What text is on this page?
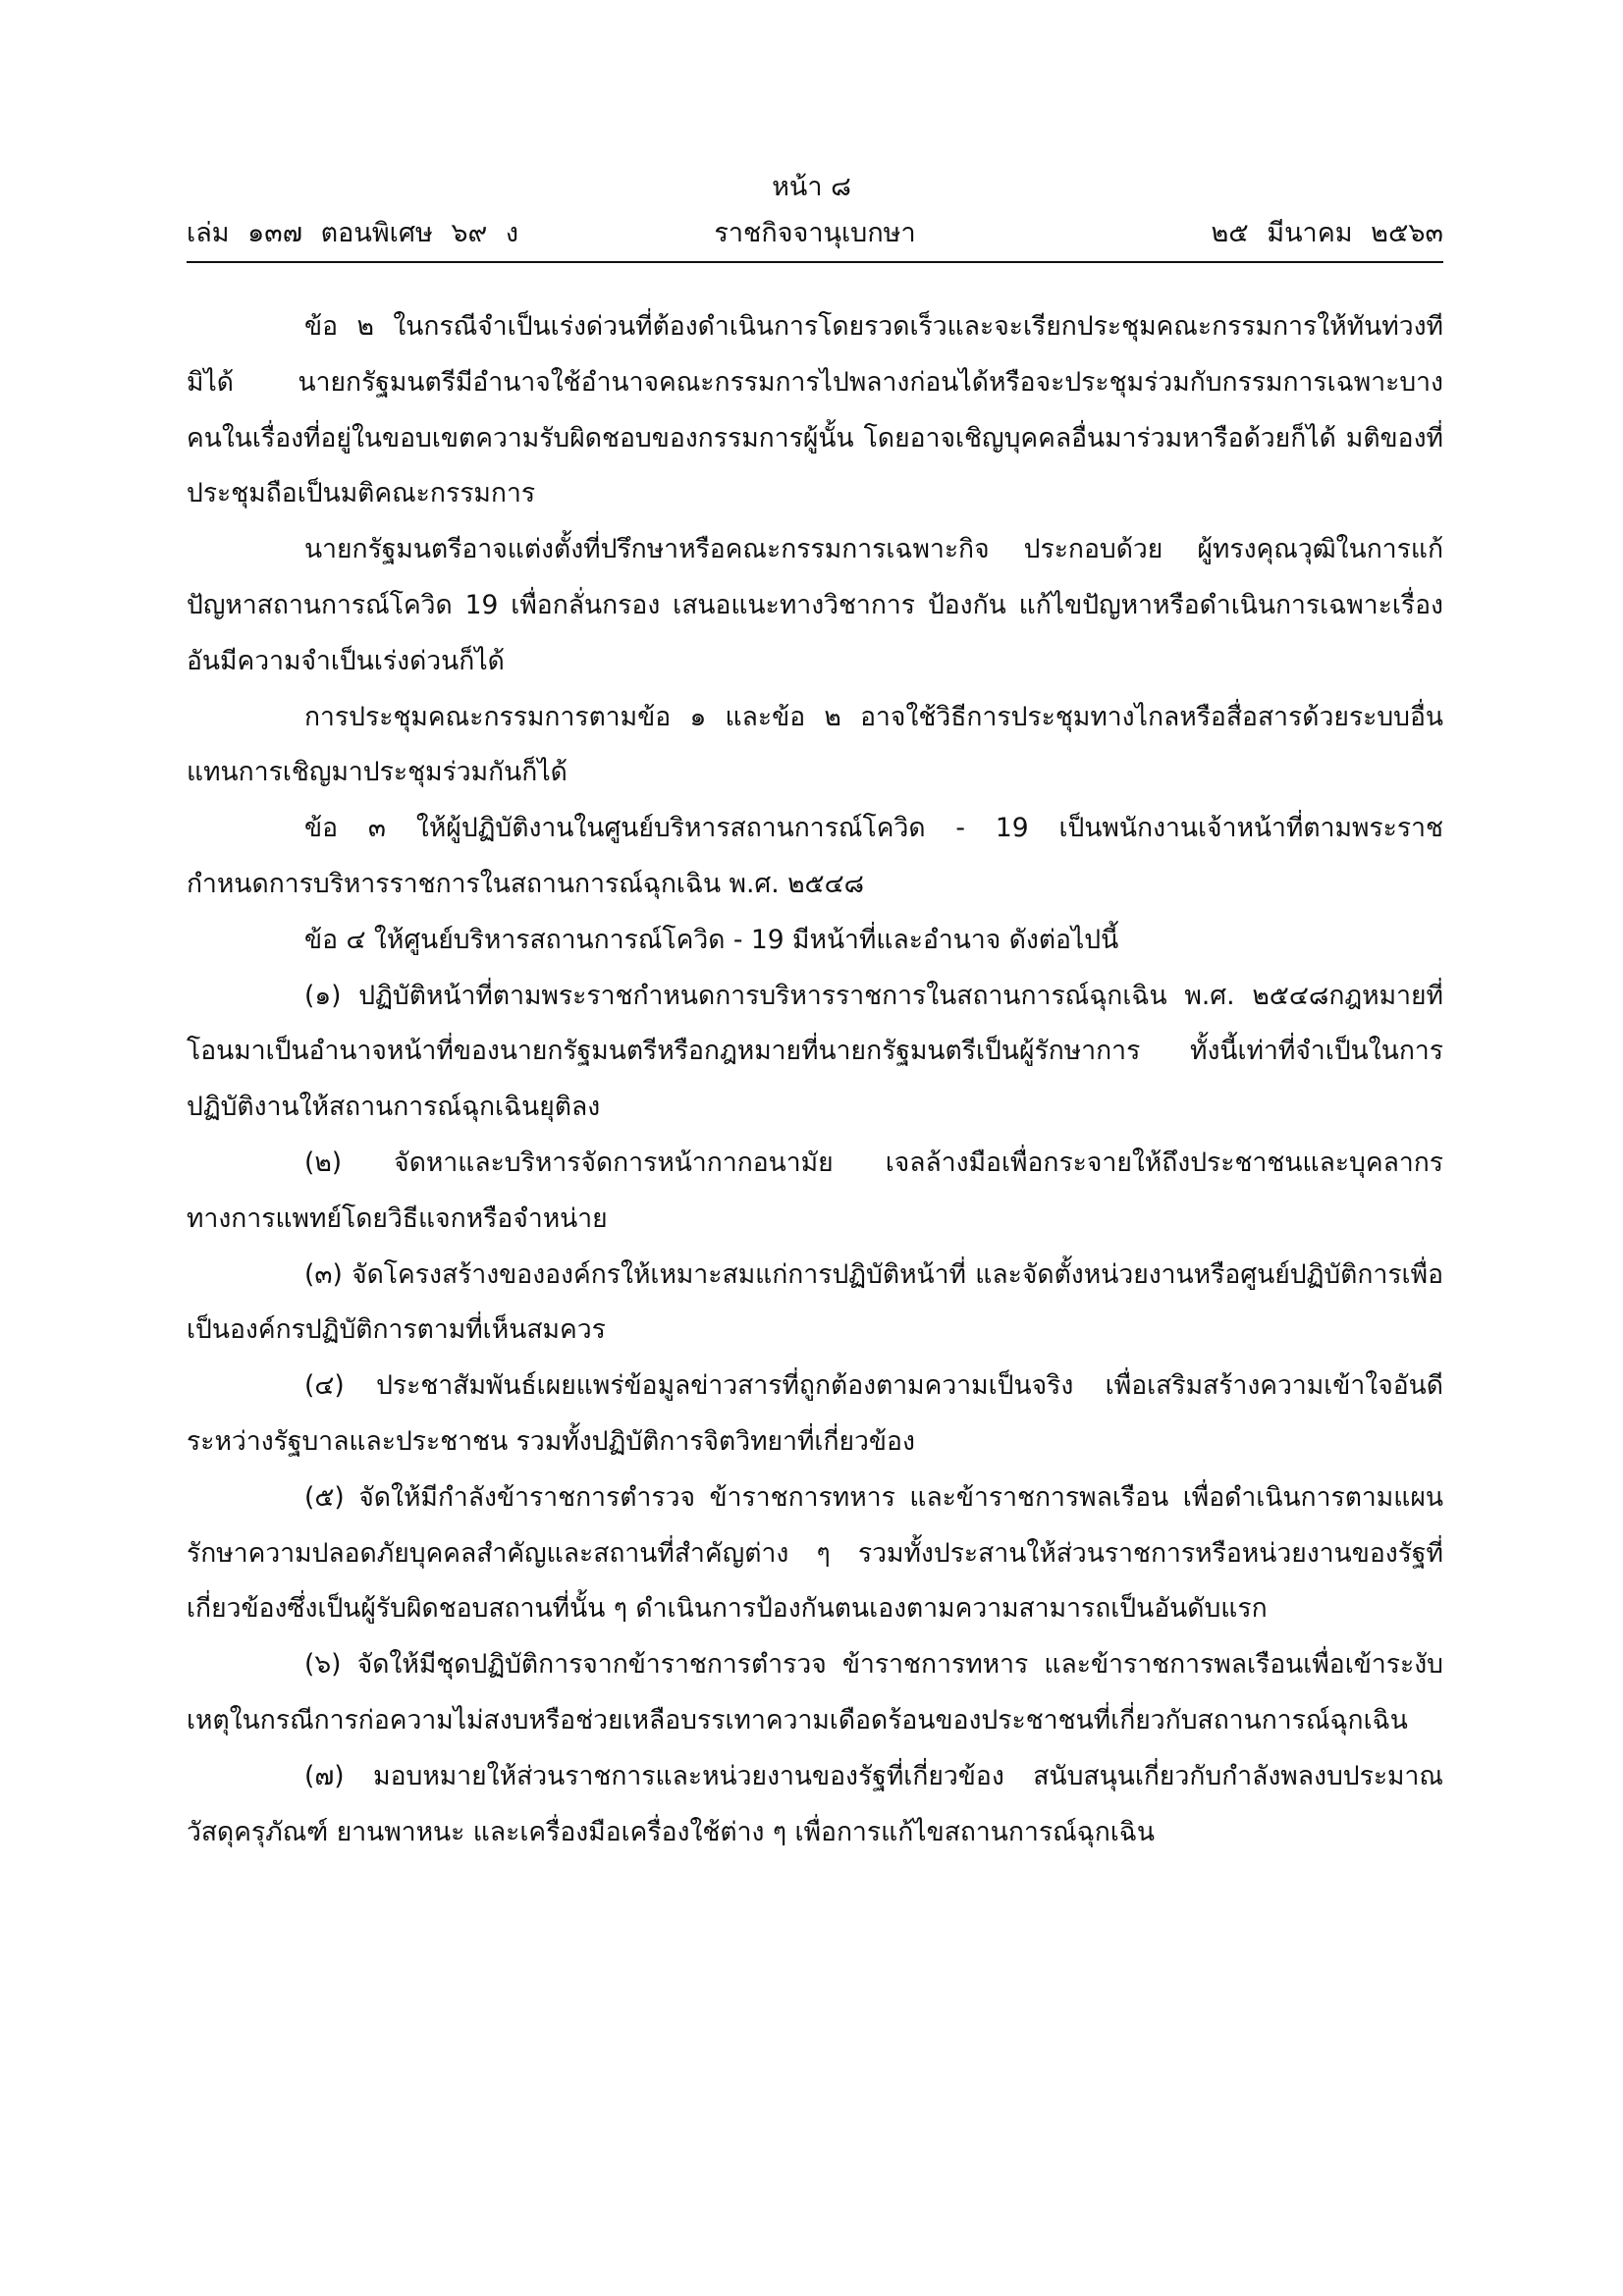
หน้า ๘
ราชกิจจานุเบกษา
เล่ม ๑๓๗ ตอนพิเศษ ๖๙ ง	๒๕ มีนาคม ๒๕๖๓

ข้อ ๒ ในกรณีจำเป็นเร่งด่วนที่ต้องดำเนินการโดยรวดเร็วและจะเรียกประชุมคณะกรรมการให้ทันท่วงทีมิได้ นายกรัฐมนตรีมีอำนาจใช้อำนาจคณะกรรมการไปพลางก่อนได้หรือจะประชุมร่วมกับกรรมการเฉพาะบางคนในเรื่องที่อยู่ในขอบเขตความรับผิดชอบของกรรมการผู้นั้น โดยอาจเชิญบุคคลอื่นมาร่วมหารือด้วยก็ได้ มติของที่ประชุมถือเป็นมติคณะกรรมการ

นายกรัฐมนตรีอาจแต่งตั้งที่ปรึกษาหรือคณะกรรมการเฉพาะกิจ ประกอบด้วย ผู้ทรงคุณวุฒิในการแก้ปัญหาสถานการณ์โควิด 19 เพื่อกลั่นกรอง เสนอแนะทางวิชาการ ป้องกัน แก้ไขปัญหาหรือดำเนินการเฉพาะเรื่องอันมีความจำเป็นเร่งด่วนก็ได้

การประชุมคณะกรรมการตามข้อ ๑ และข้อ ๒ อาจใช้วิธีการประชุมทางไกลหรือสื่อสารด้วยระบบอื่นแทนการเชิญมาประชุมร่วมกันก็ได้

ข้อ ๓ ให้ผู้ปฏิบัติงานในศูนย์บริหารสถานการณ์โควิด - 19 เป็นพนักงานเจ้าหน้าที่ตามพระราชกำหนดการบริหารราชการในสถานการณ์ฉุกเฉิน พ.ศ. ๒๕๔๘

ข้อ ๔ ให้ศูนย์บริหารสถานการณ์โควิด - 19 มีหน้าที่และอำนาจ ดังต่อไปนี้

(๑) ปฏิบัติหน้าที่ตามพระราชกำหนดการบริหารราชการในสถานการณ์ฉุกเฉิน พ.ศ. ๒๕๔๘กฎหมายที่โอนมาเป็นอำนาจหน้าที่ของนายกรัฐมนตรีหรือกฎหมายที่นายกรัฐมนตรีเป็นผู้รักษาการ ทั้งนี้เท่าที่จำเป็นในการปฏิบัติงานให้สถานการณ์ฉุกเฉินยุติลง

(๒) จัดหาและบริหารจัดการหน้ากากอนามัย เจลล้างมือเพื่อกระจายให้ถึงประชาชนและบุคลากรทางการแพทย์โดยวิธีแจกหรือจำหน่าย

(๓) จัดโครงสร้างขององค์กรให้เหมาะสมแก่การปฏิบัติหน้าที่ และจัดตั้งหน่วยงานหรือศูนย์ปฏิบัติการเพื่อเป็นองค์กรปฏิบัติการตามที่เห็นสมควร

(๔) ประชาสัมพันธ์เผยแพร่ข้อมูลข่าวสารที่ถูกต้องตามความเป็นจริง เพื่อเสริมสร้างความเข้าใจอันดีระหว่างรัฐบาลและประชาชน รวมทั้งปฏิบัติการจิตวิทยาที่เกี่ยวข้อง

(๕) จัดให้มีกำลังข้าราชการตำรวจ ข้าราชการทหาร และข้าราชการพลเรือน เพื่อดำเนินการตามแผนรักษาความปลอดภัยบุคคลสำคัญและสถานที่สำคัญต่าง ๆ รวมทั้งประสานให้ส่วนราชการหรือหน่วยงานของรัฐที่เกี่ยวข้องซึ่งเป็นผู้รับผิดชอบสถานที่นั้น ๆ ดำเนินการป้องกันตนเองตามความสามารถเป็นอันดับแรก

(๖) จัดให้มีชุดปฏิบัติการจากข้าราชการตำรวจ ข้าราชการทหาร และข้าราชการพลเรือนเพื่อเข้าระงับเหตุในกรณีการก่อความไม่สงบหรือช่วยเหลือบรรเทาความเดือดร้อนของประชาชนที่เกี่ยวกับสถานการณ์ฉุกเฉิน

(๗) มอบหมายให้ส่วนราชการและหน่วยงานของรัฐที่เกี่ยวข้อง สนับสนุนเกี่ยวกับกำลังพลงบประมาณ วัสดุครุภัณฑ์ ยานพาหนะ และเครื่องมือเครื่องใช้ต่าง ๆ เพื่อการแก้ไขสถานการณ์ฉุกเฉิน
